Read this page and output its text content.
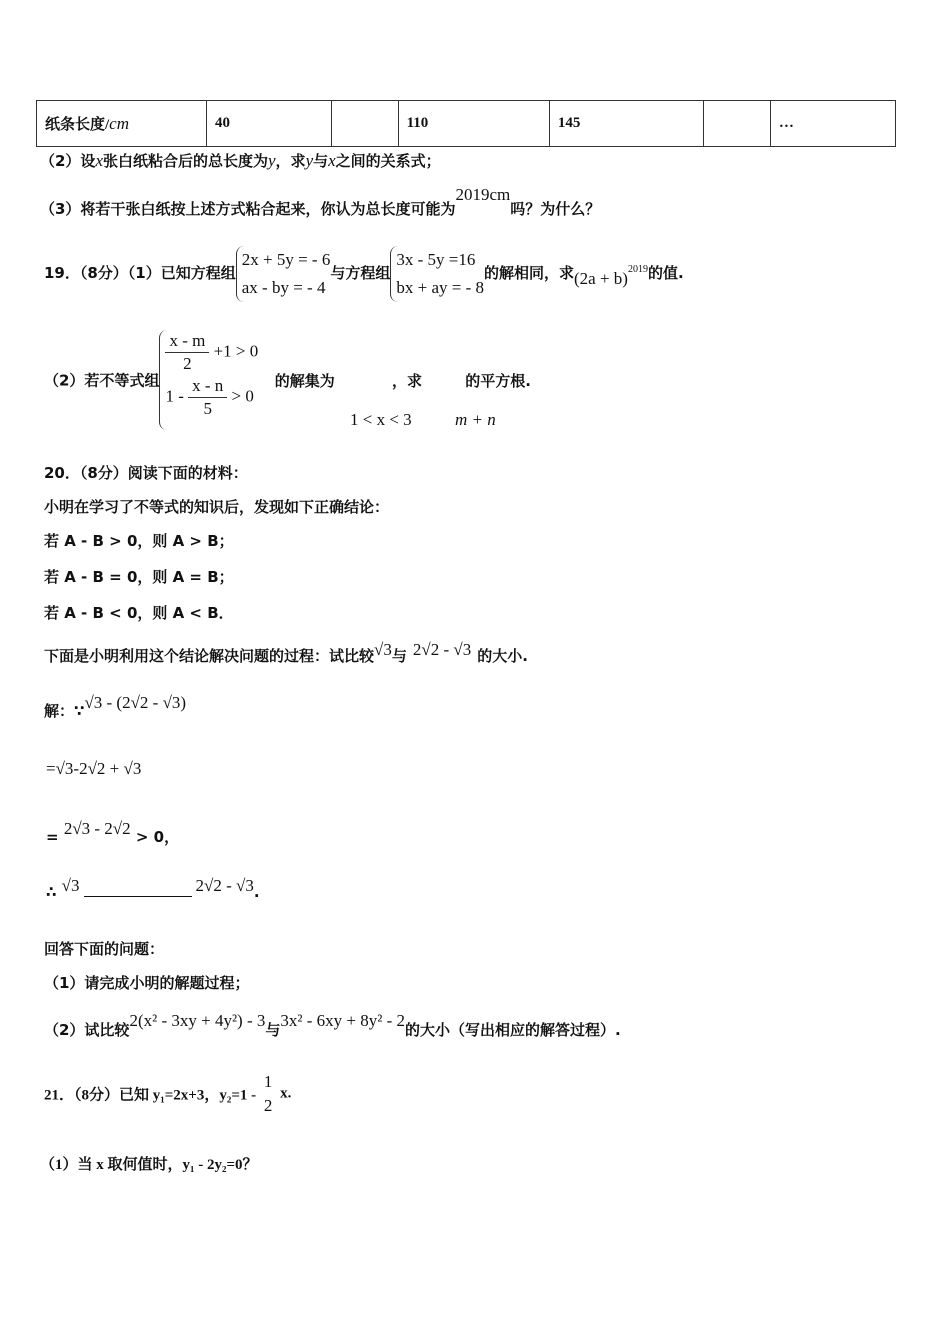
纸条长度/cm	40		110	145		…
（2）设x张白纸粘合后的总长度为y，求y与x之间的关系式；
（3）将若干张白纸按上述方式粘合起来，你认为总长度可能为2019cm吗？为什么？
19．（8分）（1）已知方程组
2x + 5y = - 6
ax - by = - 4
与方程组
3x - 5y =16
bx + ay = - 8
的解相同，求$(2a + b)^{2019}$的值.
（2）若不等式组
$\frac{x - m}{2} +1 > 0$
$1 - \frac{x - n}{5} > 0$
的解集为	，求	的平方根.
1 < x < 3	m + n
20．（8分）阅读下面的材料：
小明在学习了不等式的知识后，发现如下正确结论：
若 A - B > 0，则 A > B；
若 A - B = 0，则 A = B；
若 A - B < 0，则 A < B．
下面是小明利用这个结论解决问题的过程：试比较√3与 2√2 - √3 的大小.
解：∵√3 - (2√2 - √3)
=√3-2√2 + √3
= 2√3 - 2√2 > 0，
∴ √3	2√2 - √3.
回答下面的问题：
（1）请完成小明的解题过程；
（2）试比较2(x² - 3xy + 4y²) - 3与3x² - 6xy + 8y² - 2的大小（写出相应的解答过程）.
21．（8分）已知 y₁=2x+3，y₂=1 -
1
2
x.
（1）当 x 取何值时，y₁ - 2y₂=0？
